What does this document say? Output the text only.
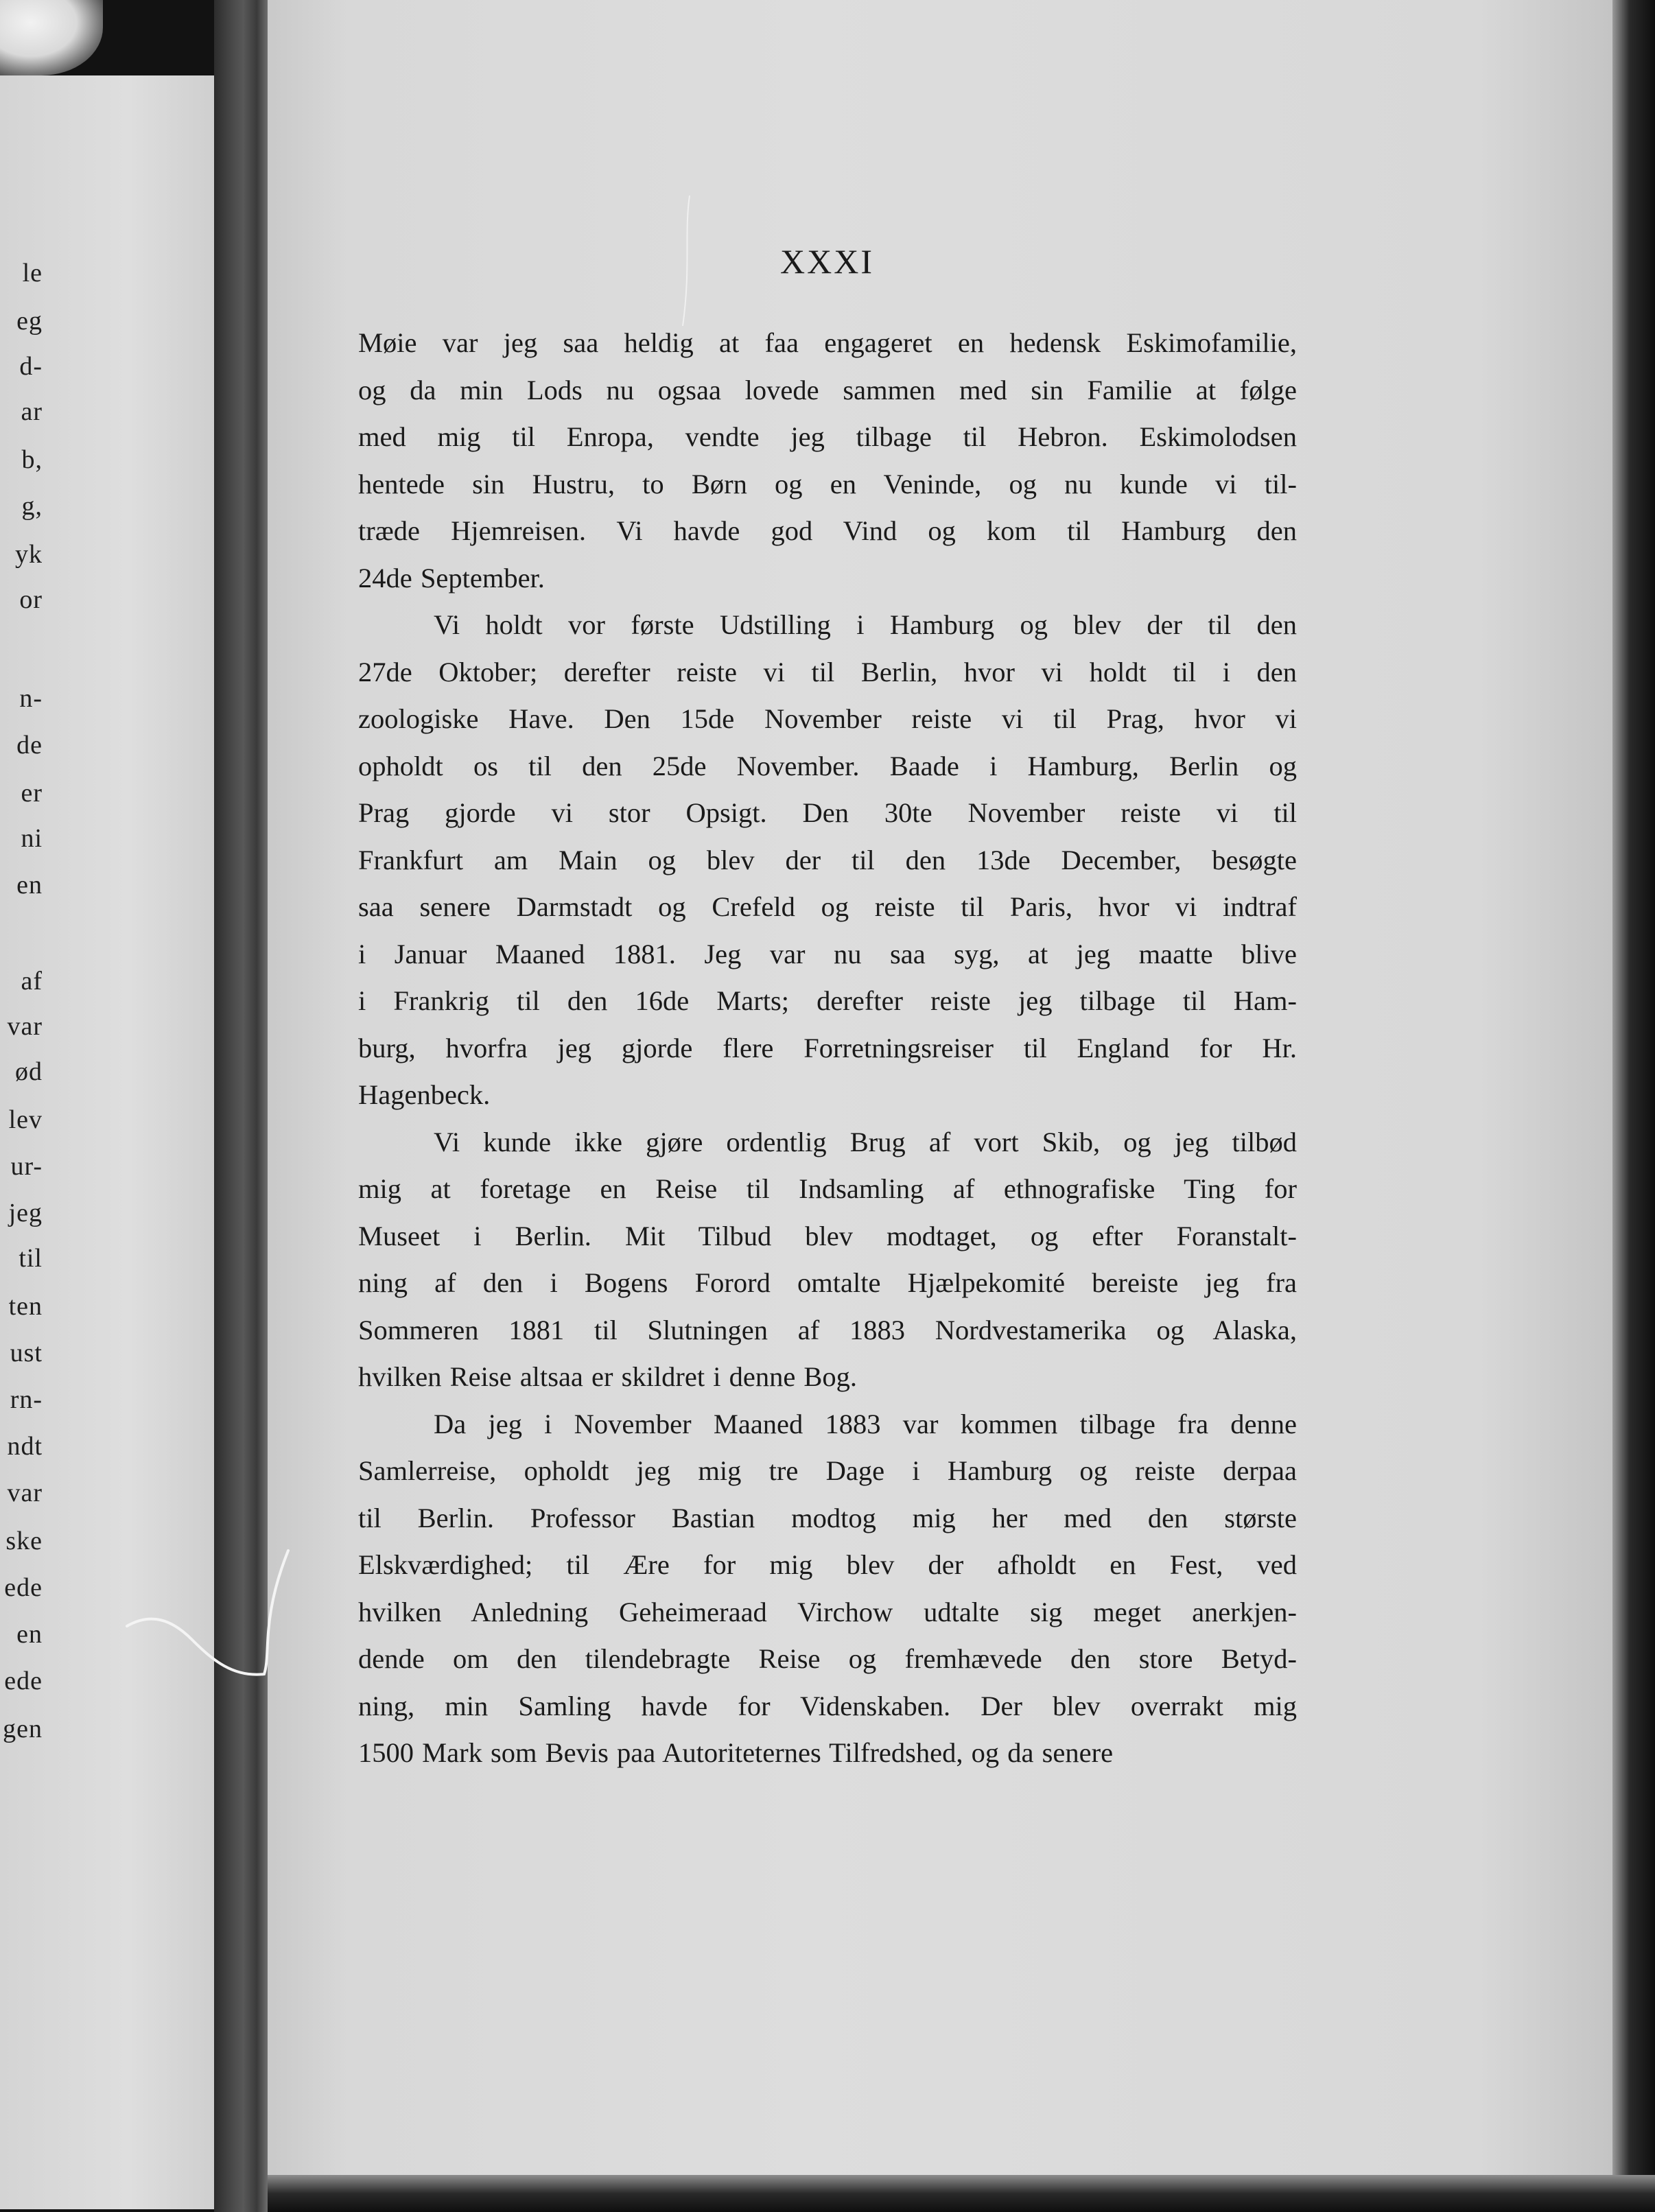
le
eg
d-
ar
b,
g,
yk
or
n-
de
er
ni
en
af
var
ød
lev
ur-
jeg
til
ten
ust
rn-
ndt
var
ske
ede
en
ede
gen
XXXI
Møie var jeg saa heldig at faa engageret en hedensk Eskimofamilie,
og da min Lods nu ogsaa lovede sammen med sin Familie at følge
med mig til Enropa, vendte jeg tilbage til Hebron. Eskimolodsen
hentede sin Hustru, to Børn og en Veninde, og nu kunde vi til-
træde Hjemreisen. Vi havde god Vind og kom til Hamburg den
24de September.
Vi holdt vor første Udstilling i Hamburg og blev der til den
27de Oktober; derefter reiste vi til Berlin, hvor vi holdt til i den
zoologiske Have. Den 15de November reiste vi til Prag, hvor vi
opholdt os til den 25de November. Baade i Hamburg, Berlin og
Prag gjorde vi stor Opsigt. Den 30te November reiste vi til
Frankfurt am Main og blev der til den 13de December, besøgte
saa senere Darmstadt og Crefeld og reiste til Paris, hvor vi indtraf
i Januar Maaned 1881. Jeg var nu saa syg, at jeg maatte blive
i Frankrig til den 16de Marts; derefter reiste jeg tilbage til Ham-
burg, hvorfra jeg gjorde flere Forretningsreiser til England for Hr.
Hagenbeck.
Vi kunde ikke gjøre ordentlig Brug af vort Skib, og jeg tilbød
mig at foretage en Reise til Indsamling af ethnografiske Ting for
Museet i Berlin. Mit Tilbud blev modtaget, og efter Foranstalt-
ning af den i Bogens Forord omtalte Hjælpekomité bereiste jeg fra
Sommeren 1881 til Slutningen af 1883 Nordvestamerika og Alaska,
hvilken Reise altsaa er skildret i denne Bog.
Da jeg i November Maaned 1883 var kommen tilbage fra denne
Samlerreise, opholdt jeg mig tre Dage i Hamburg og reiste derpaa
til Berlin. Professor Bastian modtog mig her med den største
Elskværdighed; til Ære for mig blev der afholdt en Fest, ved
hvilken Anledning Geheimeraad Virchow udtalte sig meget anerkjen-
dende om den tilendebragte Reise og fremhævede den store Betyd-
ning, min Samling havde for Videnskaben. Der blev overrakt mig
1500 Mark som Bevis paa Autoriteternes Tilfredshed, og da senere
